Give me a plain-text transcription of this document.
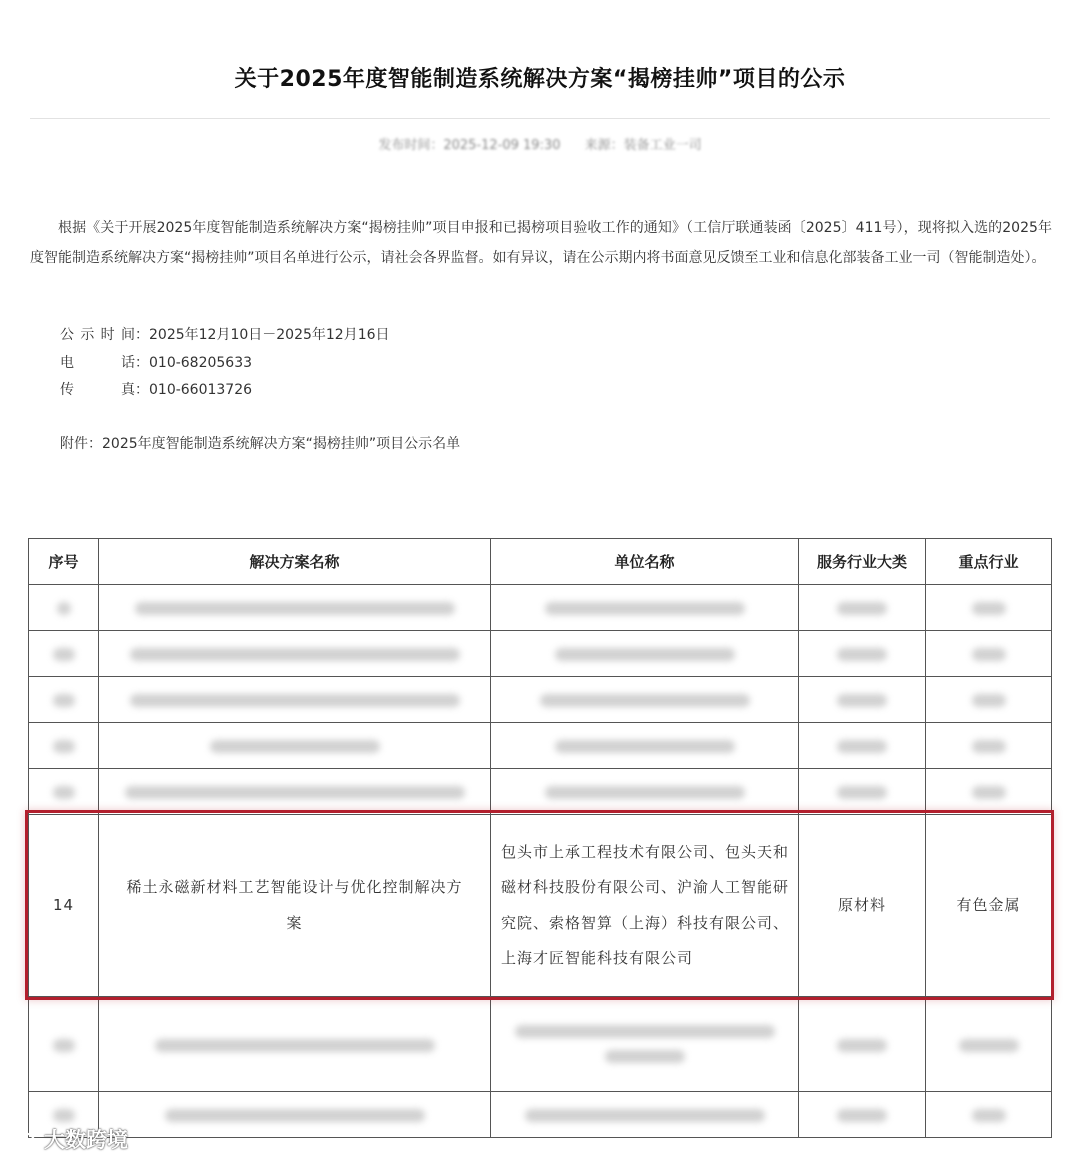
关于2025年度智能制造系统解决方案“揭榜挂帅”项目的公示
发布时间：2025-12-09 19:30 来源：装备工业一司
根据《关于开展2025年度智能制造系统解决方案“揭榜挂帅”项目申报和已揭榜项目验收工作的通知》（工信厅联通装函〔2025〕411号），现将拟入选的2025年度智能制造系统解决方案“揭榜挂帅”项目名单进行公示，请社会各界监督。如有异议，请在公示期内将书面意见反馈至工业和信息化部装备工业一司（智能制造处）。
公示时间：2025年12月10日－2025年12月16日
电 话：010-68205633
传 真：010-66013726
附件：2025年度智能制造系统解决方案“揭榜挂帅”项目公示名单
序号	解决方案名称	单位名称	服务行业大类	重点行业

14	稀土永磁新材料工艺智能设计与优化控制解决方案	包头市上承工程技术有限公司、包头天和磁材科技股份有限公司、沪渝人工智能研究院、索格智算（上海）科技有限公司、上海才匠智能科技有限公司	原材料	有色金属

大数跨境
